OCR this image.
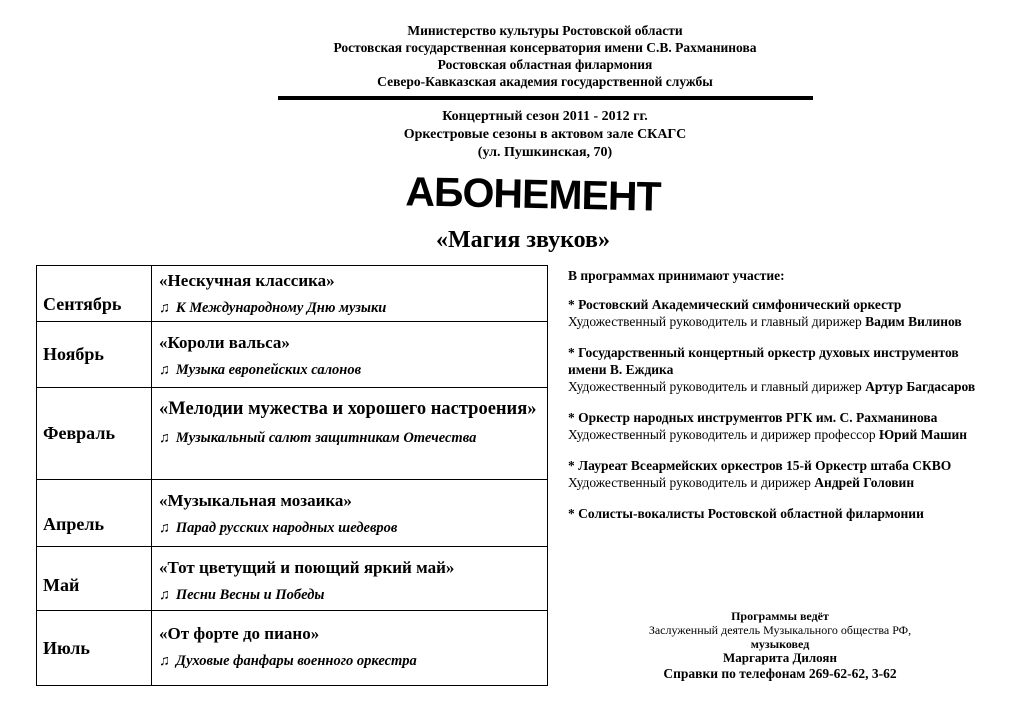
Министерство культуры Ростовской области
Ростовская государственная консерватория имени С.В. Рахманинова
Ростовская областная филармония
Северо-Кавказская академия государственной службы
Концертный сезон 2011 - 2012 гг.
Оркестровые сезоны в актовом зале СКАГС
(ул. Пушкинская, 70)
АБОНЕМЕНТ
«Магия звуков»
Сентябрь	«Нескучная классика»
♫ К Международному Дню музыки

Ноябрь	«Короли вальса»
♫ Музыка европейских салонов

Февраль	«Мелодии мужества и хорошего настроения»
♫ Музыкальный салют защитникам Отечества

Апрель	«Музыкальная мозаика»
♫ Парад русских народных шедевров

Май	«Тот цветущий и поющий яркий май»
♫ Песни Весны и Победы

Июль	«От форте до пиано»
♫ Духовые фанфары военного оркестра
В программах принимают участие:
* Ростовский Академический симфонический оркестр
Художественный руководитель и главный дирижер Вадим Вилинов
* Государственный концертный оркестр духовых инструментов имени В. Еждика
Художественный руководитель и главный дирижер Артур Багдасаров
* Оркестр народных инструментов РГК им. С. Рахманинова
Художественный руководитель и дирижер профессор Юрий Машин
* Лауреат Всеармейских оркестров 15-й Оркестр штаба СКВО
Художественный руководитель и дирижер Андрей Головин
* Солисты-вокалисты Ростовской областной филармонии
Программы ведёт
Заслуженный деятель Музыкального общества РФ,
музыковед
Маргарита Дилоян
Справки по телефонам 269-62-62, 3-62
